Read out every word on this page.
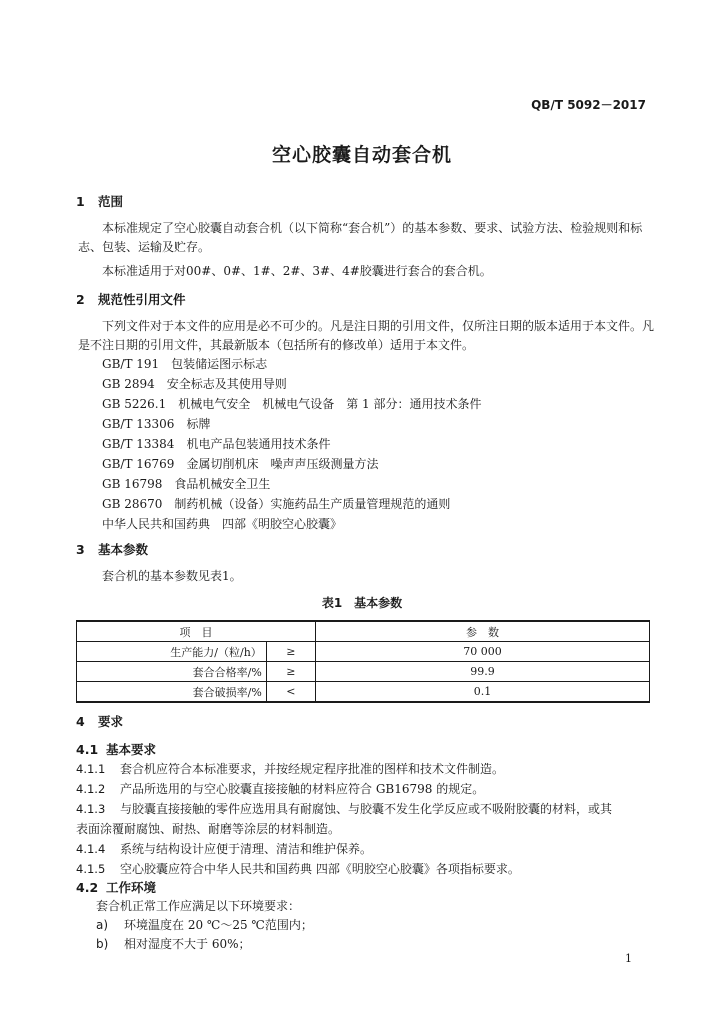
QB/T 5092－2017
空心胶囊自动套合机
1 范围
本标准规定了空心胶囊自动套合机（以下简称“套合机”）的基本参数、要求、试验方法、检验规则和标志、包装、运输及贮存。
本标准适用于对00#、0#、1#、2#、3#、4#胶囊进行套合的套合机。
2 规范性引用文件
下列文件对于本文件的应用是必不可少的。凡是注日期的引用文件，仅所注日期的版本适用于本文件。凡是不注日期的引用文件，其最新版本（包括所有的修改单）适用于本文件。
GB/T 191　包装储运图示标志
GB 2894　安全标志及其使用导则
GB 5226.1　机械电气安全　机械电气设备　第 1 部分：通用技术条件
GB/T 13306　标牌
GB/T 13384　机电产品包装通用技术条件
GB/T 16769　金属切削机床　噪声声压级测量方法
GB 16798　食品机械安全卫生
GB 28670　制药机械（设备）实施药品生产质量管理规范的通则
中华人民共和国药典　四部《明胶空心胶囊》
3 基本参数
套合机的基本参数见表1。
表1　基本参数
项　目		参　数
生产能力/（粒/h）	≥	70 000
套合合格率/%	≥	99.9
套合破损率/%	<	0.1
4 要求
4.1 基本要求
4.1.1 套合机应符合本标准要求，并按经规定程序批准的图样和技术文件制造。
4.1.2 产品所选用的与空心胶囊直接接触的材料应符合 GB16798 的规定。
4.1.3 与胶囊直接接触的零件应选用具有耐腐蚀、与胶囊不发生化学反应或不吸附胶囊的材料，或其
表面涂覆耐腐蚀、耐热、耐磨等涂层的材料制造。
4.1.4 系统与结构设计应便于清理、清洁和维护保养。
4.1.5 空心胶囊应符合中华人民共和国药典 四部《明胶空心胶囊》各项指标要求。
4.2 工作环境
套合机正常工作应满足以下环境要求：
a) 环境温度在 20 ℃～25 ℃范围内；
b) 相对湿度不大于 60%；
1
